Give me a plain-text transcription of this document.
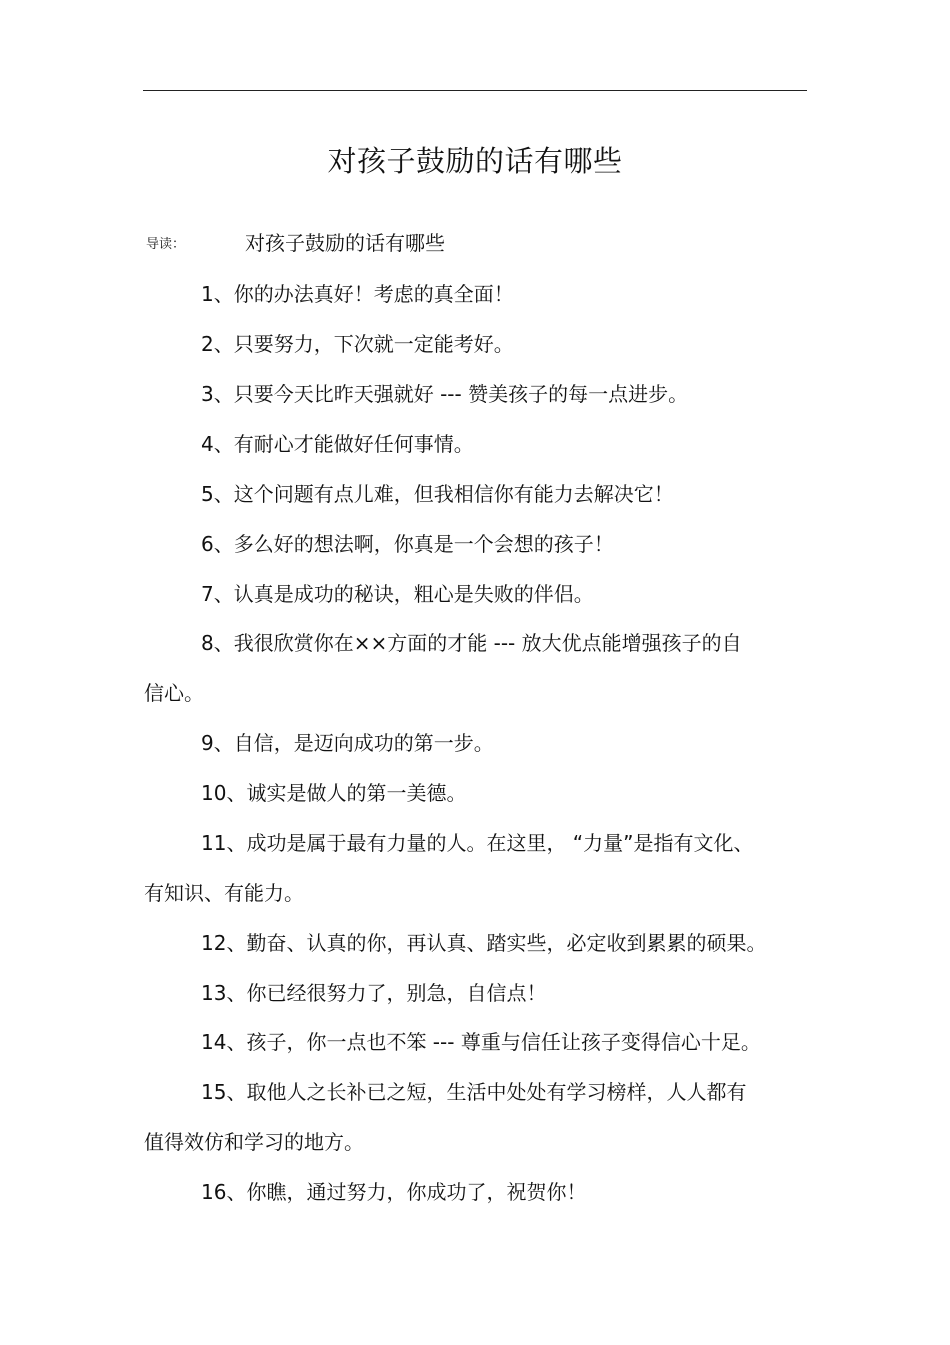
对孩子鼓励的话有哪些
导读：	对孩子鼓励的话有哪些
1、你的办法真好！考虑的真全面！
2、只要努力，下次就一定能考好。
3、只要今天比昨天强就好 --- 赞美孩子的每一点进步。
4、有耐心才能做好任何事情。
5、这个问题有点儿难，但我相信你有能力去解决它！
6、多么好的想法啊，你真是一个会想的孩子！
7、认真是成功的秘诀，粗心是失败的伴侣。
8、我很欣赏你在××方面的才能 --- 放大优点能增强孩子的自
信心。
9、自信，是迈向成功的第一步。
10、诚实是做人的第一美德。
11、成功是属于最有力量的人。在这里， “力量”是指有文化、
有知识、有能力。
12、勤奋、认真的你，再认真、踏实些，必定收到累累的硕果。
13、你已经很努力了，别急，自信点！
14、孩子，你一点也不笨 --- 尊重与信任让孩子变得信心十足。
15、取他人之长补已之短，生活中处处有学习榜样，人人都有
值得效仿和学习的地方。
16、你瞧，通过努力，你成功了，祝贺你！
